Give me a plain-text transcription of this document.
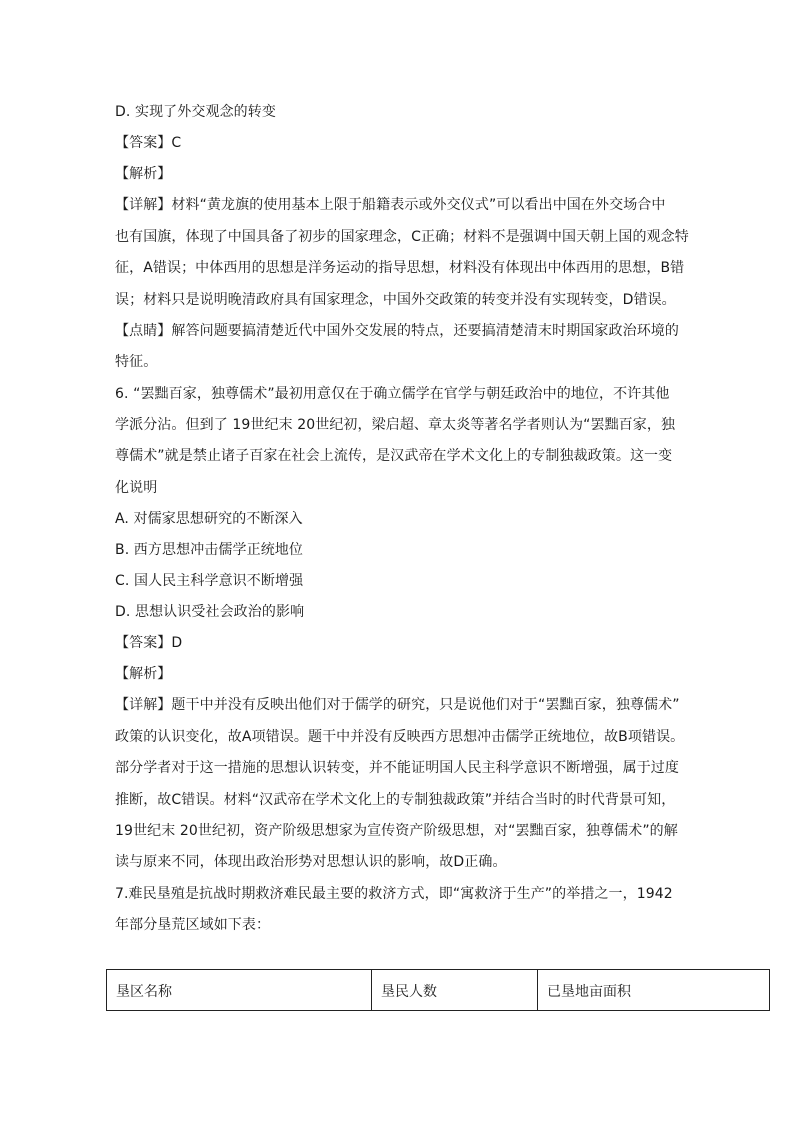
D. 实现了外交观念的转变
【答案】C
【解析】
【详解】材料“黄龙旗的使用基本上限于船籍表示或外交仪式”可以看出中国在外交场合中
也有国旗，体现了中国具备了初步的国家理念，C正确；材料不是强调中国天朝上国的观念特
征，A错误；中体西用的思想是洋务运动的指导思想，材料没有体现出中体西用的思想，B错
误；材料只是说明晚清政府具有国家理念，中国外交政策的转变并没有实现转变，D错误。
【点睛】解答问题要搞清楚近代中国外交发展的特点，还要搞清楚清末时期国家政治环境的
特征。
6. “罢黜百家，独尊儒术”最初用意仅在于确立儒学在官学与朝廷政治中的地位，不许其他
学派分沾。但到了 19世纪末 20世纪初，梁启超、章太炎等著名学者则认为“罢黜百家，独
尊儒术”就是禁止诸子百家在社会上流传，是汉武帝在学术文化上的专制独裁政策。这一变
化说明
A. 对儒家思想研究的不断深入
B. 西方思想冲击儒学正统地位
C. 国人民主科学意识不断增强
D. 思想认识受社会政治的影响
【答案】D
【解析】
【详解】题干中并没有反映出他们对于儒学的研究，只是说他们对于“罢黜百家，独尊儒术”
政策的认识变化，故A项错误。题干中并没有反映西方思想冲击儒学正统地位，故B项错误。
部分学者对于这一措施的思想认识转变，并不能证明国人民主科学意识不断增强，属于过度
推断，故C错误。材料“汉武帝在学术文化上的专制独裁政策”并结合当时的时代背景可知，
19世纪末 20世纪初，资产阶级思想家为宣传资产阶级思想，对“罢黜百家，独尊儒术”的解
读与原来不同，体现出政治形势对思想认识的影响，故D正确。
7.难民垦殖是抗战时期救济难民最主要的救济方式，即“寓救济于生产”的举措之一，1942
年部分垦荒区域如下表：
垦区名称	垦民人数	已垦地亩面积
